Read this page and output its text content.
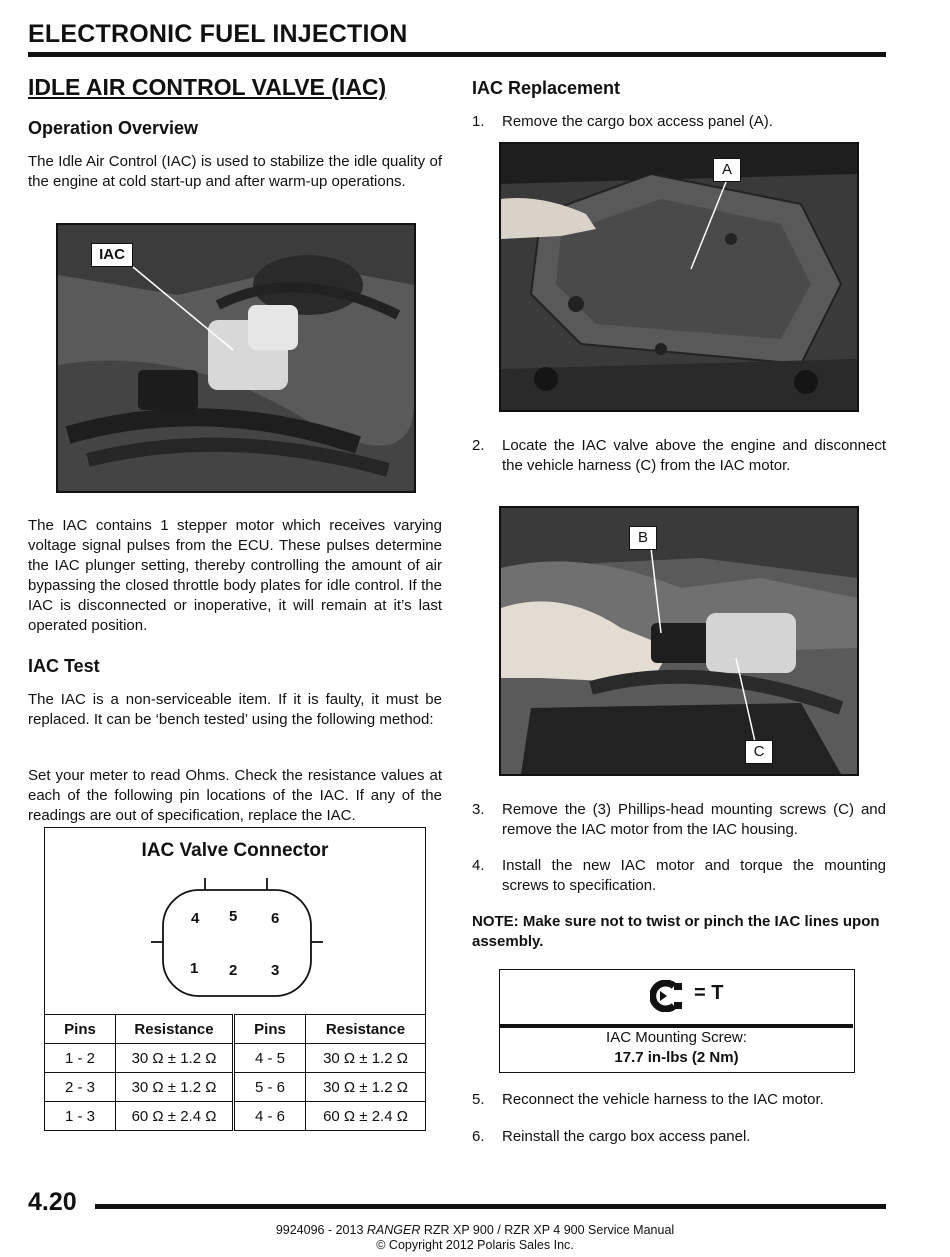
ELECTRONIC FUEL INJECTION
IDLE AIR CONTROL VALVE (IAC)
Operation Overview
The Idle Air Control (IAC) is used to stabilize the idle quality of the engine at cold start-up and after warm-up operations.
IAC
The IAC contains 1 stepper motor which receives varying voltage signal pulses from the ECU. These pulses determine the IAC plunger setting, thereby controlling the amount of air bypassing the closed throttle body plates for idle control. If the IAC is disconnected or inoperative, it will remain at it’s last operated position.
IAC Test
The IAC is a non-serviceable item. If it is faulty, it must be replaced. It can be ‘bench tested’ using the following method:
Set your meter to read Ohms. Check the resistance values at each of the following pin locations of the IAC. If any of the readings are out of specification, replace the IAC.
IAC Valve Connector
4 5 6
1 2 3
Pins	Resistance	Pins	Resistance
1 - 2	30 Ω ± 1.2 Ω	4 - 5	30 Ω ± 1.2 Ω
2 - 3	30 Ω ± 1.2 Ω	5 - 6	30 Ω ± 1.2 Ω
1 - 3	60 Ω ± 2.4 Ω	4 - 6	60 Ω ± 2.4 Ω
IAC Replacement
1. Remove the cargo box access panel (A).
A
2. Locate the IAC valve above the engine and disconnect the vehicle harness (C) from the IAC motor.
B
C
3. Remove the (3) Phillips-head mounting screws (C) and remove the IAC motor from the IAC housing.
4. Install the new IAC motor and torque the mounting screws to specification.
NOTE: Make sure not to twist or pinch the IAC lines upon assembly.
= T
IAC Mounting Screw:
17.7 in-lbs (2 Nm)
5. Reconnect the vehicle harness to the IAC motor.
6. Reinstall the cargo box access panel.
4.20
9924096 - 2013 RANGER RZR XP 900 / RZR XP 4 900 Service Manual
© Copyright 2012 Polaris Sales Inc.
